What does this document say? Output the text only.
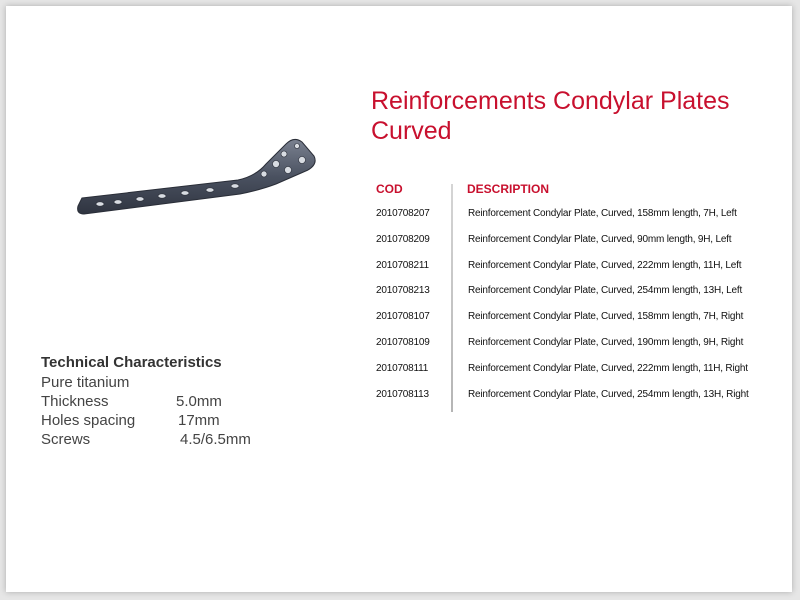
Reinforcements Condylar Plates Curved
Technical Characteristics
Pure titanium
Thickness	5.0mm
Holes spacing	17mm
Screws	4.5/6.5mm
COD	DESCRIPTION
2010708207	Reinforcement Condylar Plate, Curved, 158mm length, 7H, Left
2010708209	Reinforcement Condylar Plate, Curved, 90mm length, 9H, Left
2010708211	Reinforcement Condylar Plate, Curved, 222mm length, 11H, Left
2010708213	Reinforcement Condylar Plate, Curved, 254mm length, 13H, Left
2010708107	Reinforcement Condylar Plate, Curved, 158mm length, 7H, Right
2010708109	Reinforcement Condylar Plate, Curved, 190mm length, 9H, Right
2010708111	Reinforcement Condylar Plate, Curved, 222mm length, 11H, Right
2010708113	Reinforcement Condylar Plate, Curved, 254mm length, 13H, Right
